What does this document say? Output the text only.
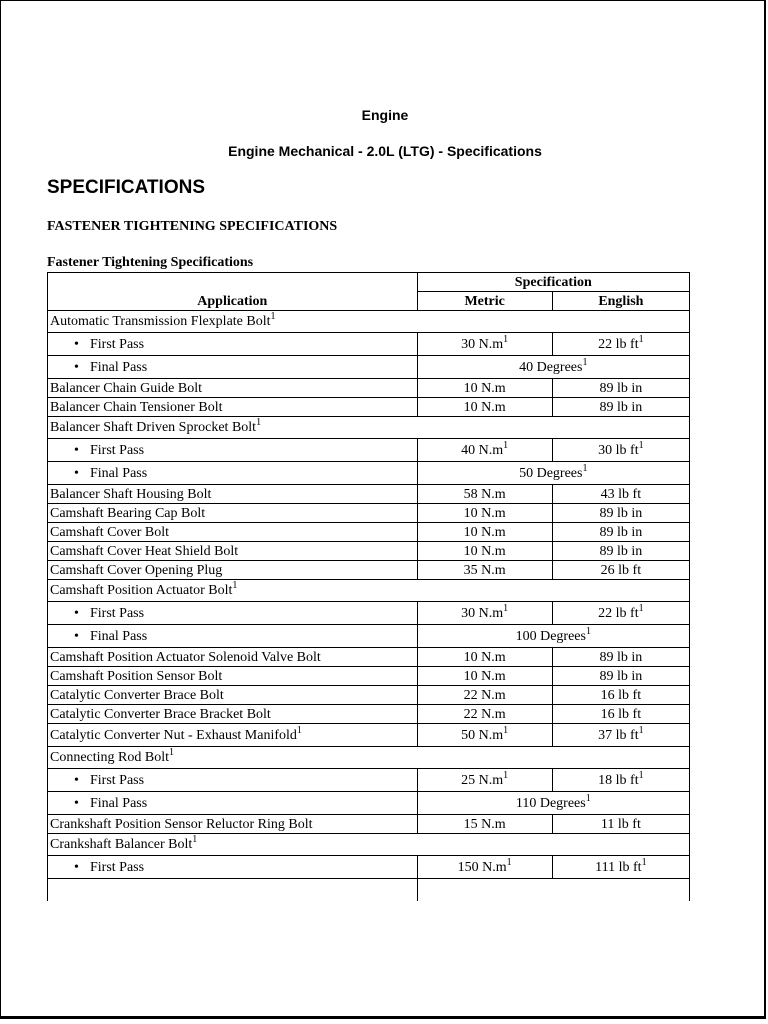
Engine
Engine Mechanical - 2.0L (LTG) - Specifications
SPECIFICATIONS
FASTENER TIGHTENING SPECIFICATIONS
Fastener Tightening Specifications
Application	Specification	
	Metric	English
Automatic Transmission Flexplate Bolt$^1$
• First Pass	30 $N.m^1$	22 lb $ft^1$
• Final Pass	40 Degrees$^1$
Balancer Chain Guide Bolt	10 N.m	89 lb in
Balancer Chain Tensioner Bolt	10 N.m	89 lb in
Balancer Shaft Driven Sprocket Bolt$^1$
• First Pass	40 $N.m^1$	30 lb $ft^1$
• Final Pass	50 Degrees$^1$
Balancer Shaft Housing Bolt	58 N.m	43 lb ft
Camshaft Bearing Cap Bolt	10 N.m	89 lb in
Camshaft Cover Bolt	10 N.m	89 lb in
Camshaft Cover Heat Shield Bolt	10 N.m	89 lb in
Camshaft Cover Opening Plug	35 N.m	26 lb ft
Camshaft Position Actuator Bolt$^1$
• First Pass	30 $N.m^1$	22 lb $ft^1$
• Final Pass	100 Degrees$^1$
Camshaft Position Actuator Solenoid Valve Bolt	10 N.m	89 lb in
Camshaft Position Sensor Bolt	10 N.m	89 lb in
Catalytic Converter Brace Bolt	22 N.m	16 lb ft
Catalytic Converter Brace Bracket Bolt	22 N.m	16 lb ft
Catalytic Converter Nut - Exhaust Manifold$^1$	50 $N.m^1$	37 lb $ft^1$
Connecting Rod Bolt$^1$
• First Pass	25 $N.m^1$	18 lb $ft^1$
• Final Pass	110 Degrees$^1$
Crankshaft Position Sensor Reluctor Ring Bolt	15 N.m	11 lb ft
Crankshaft Balancer Bolt$^1$
• First Pass	150 $N.m^1$	111 lb $ft^1$
